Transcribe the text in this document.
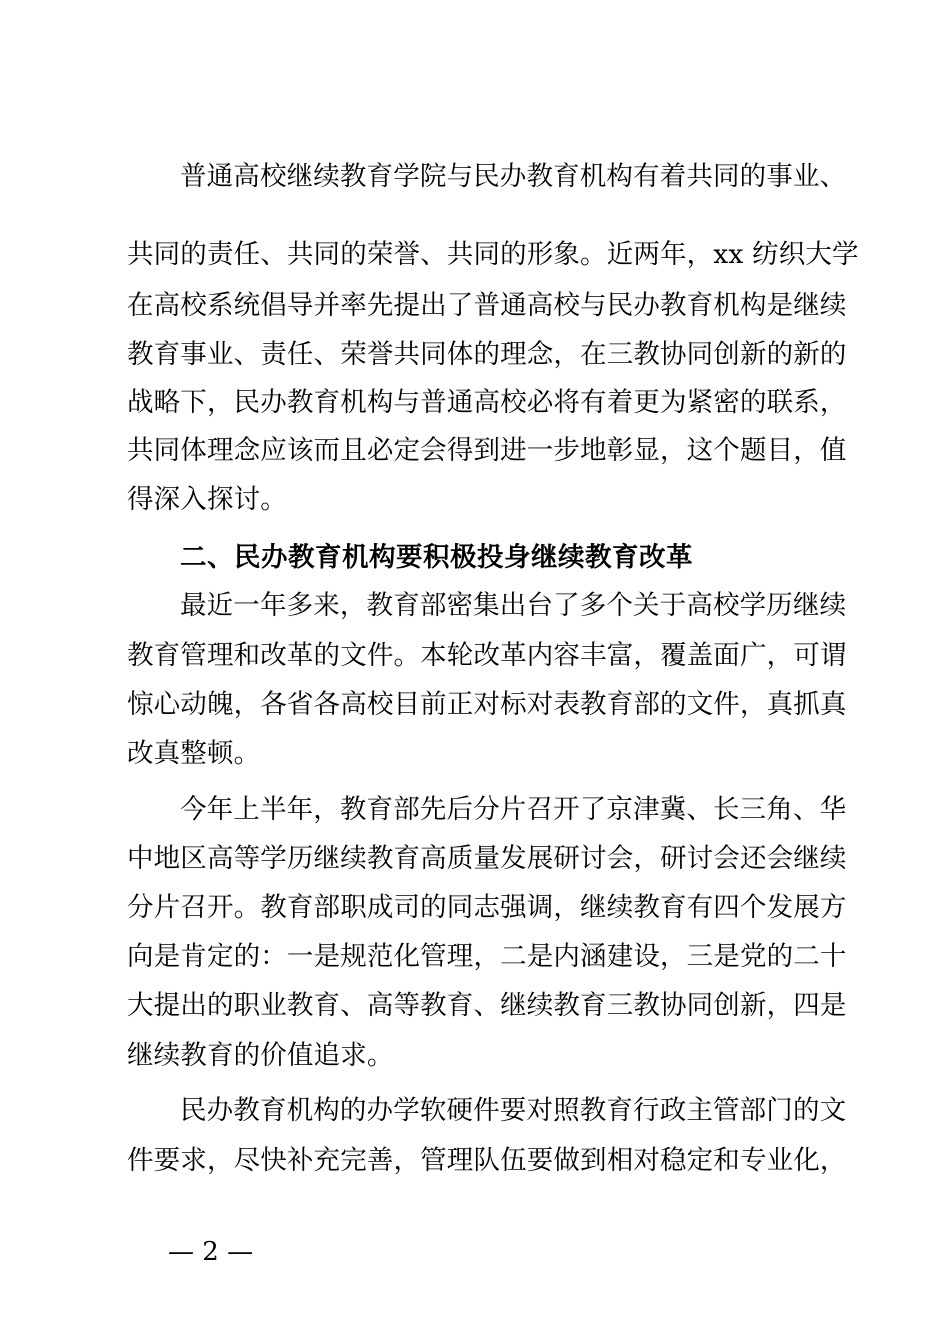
普通高校继续教育学院与民办教育机构有着共同的事业、
共同的责任、共同的荣誉、共同的形象。近两年，xx 纺织大学
在高校系统倡导并率先提出了普通高校与民办教育机构是继续
教育事业、责任、荣誉共同体的理念，在三教协同创新的新的
战略下，民办教育机构与普通高校必将有着更为紧密的联系，
共同体理念应该而且必定会得到进一步地彰显，这个题目，值
得深入探讨。
二、民办教育机构要积极投身继续教育改革
最近一年多来，教育部密集出台了多个关于高校学历继续
教育管理和改革的文件。本轮改革内容丰富，覆盖面广，可谓
惊心动魄，各省各高校目前正对标对表教育部的文件，真抓真
改真整顿。
今年上半年，教育部先后分片召开了京津冀、长三角、华
中地区高等学历继续教育高质量发展研讨会，研讨会还会继续
分片召开。教育部职成司的同志强调，继续教育有四个发展方
向是肯定的：一是规范化管理，二是内涵建设，三是党的二十
大提出的职业教育、高等教育、继续教育三教协同创新，四是
继续教育的价值追求。
民办教育机构的办学软硬件要对照教育行政主管部门的文
件要求，尽快补充完善，管理队伍要做到相对稳定和专业化，
— 2 —
